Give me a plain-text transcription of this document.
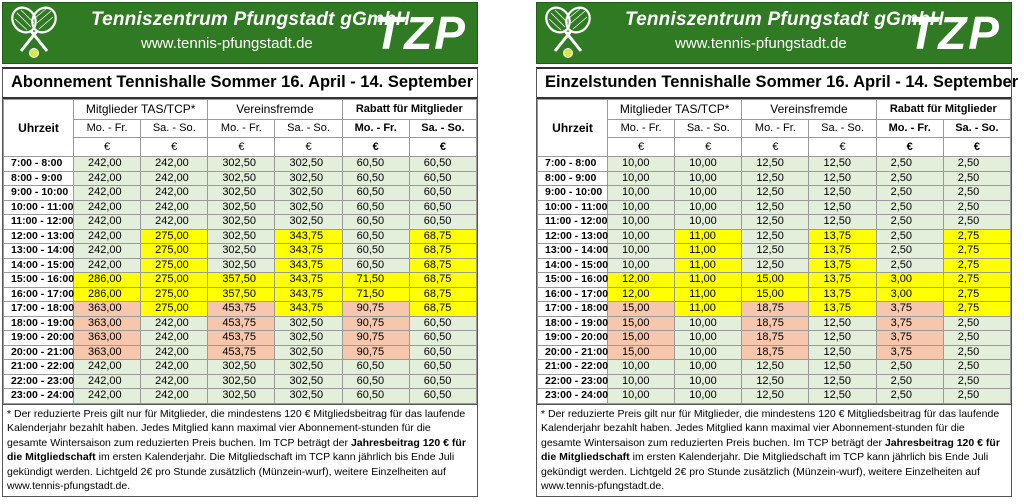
Tenniszentrum Pfungstadt gGmbH
www.tennis-pfungstadt.de TZP
Abonnement Tennishalle Sommer 16. April - 14. September
Uhrzeit	Mitglieder TAS/TCP*		Vereinsfremde		Rabatt für Mitglieder	
	Mo. - Fr.	Sa. - So.	Mo. - Fr.	Sa. - So.	Mo. - Fr.	Sa. - So.
	€	€	€	€	€	€
7:00 - 8:00	242,00	242,00	302,50	302,50	60,50	60,50
8:00 - 9:00	242,00	242,00	302,50	302,50	60,50	60,50
9:00 - 10:00	242,00	242,00	302,50	302,50	60,50	60,50
10:00 - 11:00	242,00	242,00	302,50	302,50	60,50	60,50
11:00 - 12:00	242,00	242,00	302,50	302,50	60,50	60,50
12:00 - 13:00	242,00	275,00	302,50	343,75	60,50	68,75
13:00 - 14:00	242,00	275,00	302,50	343,75	60,50	68,75
14:00 - 15:00	242,00	275,00	302,50	343,75	60,50	68,75
15:00 - 16:00	286,00	275,00	357,50	343,75	71,50	68,75
16:00 - 17:00	286,00	275,00	357,50	343,75	71,50	68,75
17:00 - 18:00	363,00	275,00	453,75	343,75	90,75	68,75
18:00 - 19:00	363,00	242,00	453,75	302,50	90,75	60,50
19:00 - 20:00	363,00	242,00	453,75	302,50	90,75	60,50
20:00 - 21:00	363,00	242,00	453,75	302,50	90,75	60,50
21:00 - 22:00	242,00	242,00	302,50	302,50	60,50	60,50
22:00 - 23:00	242,00	242,00	302,50	302,50	60,50	60,50
23:00 - 24:00	242,00	242,00	302,50	302,50	60,50	60,50
* Der reduzierte Preis gilt nur für Mitglieder, die mindestens 120 € Mitgliedsbeitrag für das laufende Kalenderjahr bezahlt haben. Jedes Mitglied kann maximal vier Abonnement-stunden für die gesamte Wintersaison zum reduzierten Preis buchen. Im TCP beträgt der Jahresbeitrag 120 € für die Mitgliedschaft im ersten Kalenderjahr. Die Mitgliedschaft im TCP kann jährlich bis Ende Juli gekündigt werden. Lichtgeld 2€ pro Stunde zusätzlich (Münzein-wurf), weitere Einzelheiten auf www.tennis-pfungstadt.de.
Tenniszentrum Pfungstadt gGmbH
www.tennis-pfungstadt.de TZP
Einzelstunden Tennishalle Sommer 16. April - 14. September
Uhrzeit	Mitglieder TAS/TCP*		Vereinsfremde		Rabatt für Mitglieder	
	Mo. - Fr.	Sa. - So.	Mo. - Fr.	Sa. - So.	Mo. - Fr.	Sa. - So.
	€	€	€	€	€	€
7:00 - 8:00	10,00	10,00	12,50	12,50	2,50	2,50
8:00 - 9:00	10,00	10,00	12,50	12,50	2,50	2,50
9:00 - 10:00	10,00	10,00	12,50	12,50	2,50	2,50
10:00 - 11:00	10,00	10,00	12,50	12,50	2,50	2,50
11:00 - 12:00	10,00	10,00	12,50	12,50	2,50	2,50
12:00 - 13:00	10,00	11,00	12,50	13,75	2,50	2,75
13:00 - 14:00	10,00	11,00	12,50	13,75	2,50	2,75
14:00 - 15:00	10,00	11,00	12,50	13,75	2,50	2,75
15:00 - 16:00	12,00	11,00	15,00	13,75	3,00	2,75
16:00 - 17:00	12,00	11,00	15,00	13,75	3,00	2,75
17:00 - 18:00	15,00	11,00	18,75	13,75	3,75	2,75
18:00 - 19:00	15,00	10,00	18,75	12,50	3,75	2,50
19:00 - 20:00	15,00	10,00	18,75	12,50	3,75	2,50
20:00 - 21:00	15,00	10,00	18,75	12,50	3,75	2,50
21:00 - 22:00	10,00	10,00	12,50	12,50	2,50	2,50
22:00 - 23:00	10,00	10,00	12,50	12,50	2,50	2,50
23:00 - 24:00	10,00	10,00	12,50	12,50	2,50	2,50
* Der reduzierte Preis gilt nur für Mitglieder, die mindestens 120 € Mitgliedsbeitrag für das laufende Kalenderjahr bezahlt haben. Jedes Mitglied kann maximal vier Abonnement-stunden für die gesamte Wintersaison zum reduzierten Preis buchen. Im TCP beträgt der Jahresbeitrag 120 € für die Mitgliedschaft im ersten Kalenderjahr. Die Mitgliedschaft im TCP kann jährlich bis Ende Juli gekündigt werden. Lichtgeld 2€ pro Stunde zusätzlich (Münzein-wurf), weitere Einzelheiten auf www.tennis-pfungstadt.de.
